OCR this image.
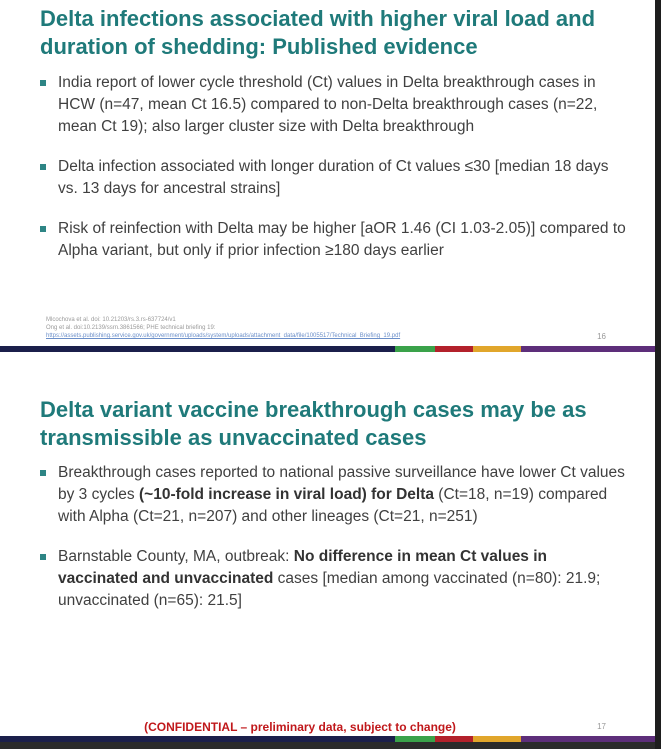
Delta infections associated with higher viral load and duration of shedding: Published evidence
India report of lower cycle threshold (Ct) values in Delta breakthrough cases in HCW (n=47, mean Ct 16.5) compared to non-Delta breakthrough cases (n=22, mean Ct 19); also larger cluster size with Delta breakthrough
Delta infection associated with longer duration of Ct values ≤30 [median 18 days vs. 13 days for ancestral strains]
Risk of reinfection with Delta may be higher [aOR 1.46 (CI 1.03-2.05)] compared to Alpha variant, but only if prior infection ≥180 days earlier
Mlcochova et al. doi: 10.21203/rs.3.rs-637724/v1
Ong et al. doi:10.2139/ssrn.3861566; PHE technical briefing 19:
https://assets.publishing.service.gov.uk/government/uploads/system/uploads/attachment_data/file/1005517/Technical_Briefing_19.pdf	16
Delta variant vaccine breakthrough cases may be as transmissible as unvaccinated cases
Breakthrough cases reported to national passive surveillance have lower Ct values by 3 cycles (~10-fold increase in viral load) for Delta (Ct=18, n=19) compared with Alpha (Ct=21, n=207) and other lineages (Ct=21, n=251)
Barnstable County, MA, outbreak: No difference in mean Ct values in vaccinated and unvaccinated cases [median among vaccinated (n=80): 21.9; unvaccinated (n=65): 21.5]
(CONFIDENTIAL – preliminary data, subject to change)	17
